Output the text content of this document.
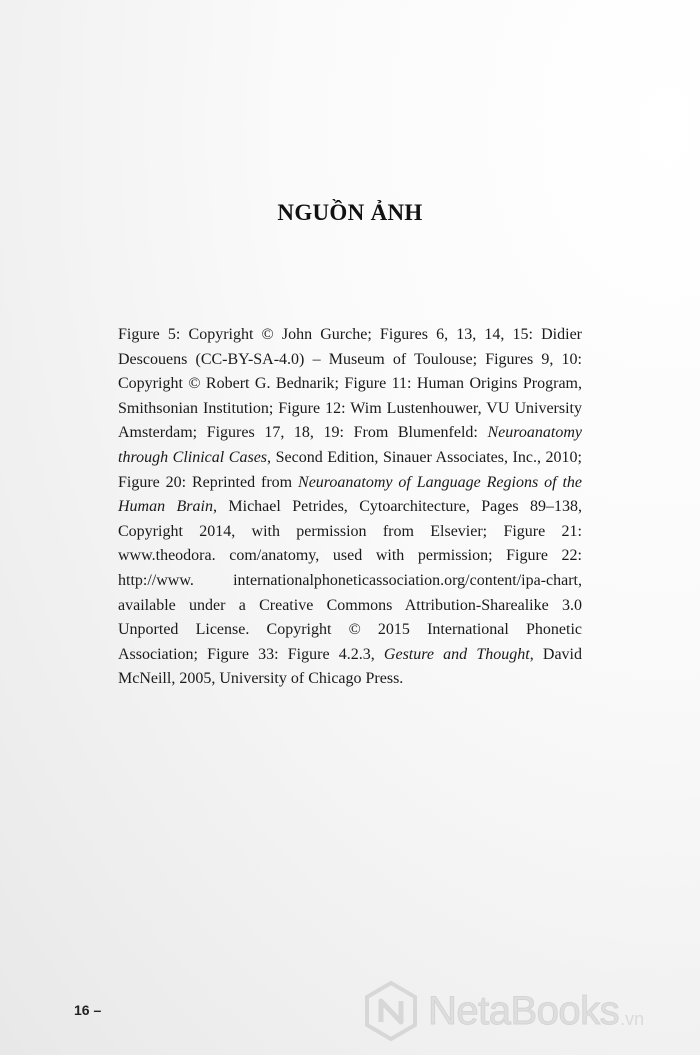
NGUỒN ẢNH

Figure 5: Copyright © John Gurche; Figures 6, 13, 14, 15: Didier Descouens (CC-BY-SA-4.0) – Museum of Toulouse; Figures 9, 10: Copyright © Robert G. Bednarik; Figure 11: Human Origins Program, Smithsonian Institution; Figure 12: Wim Lustenhouwer, VU University Amsterdam; Figures 17, 18, 19: From Blumenfeld: Neuroanatomy through Clinical Cases, Second Edition, Sinauer Associates, Inc., 2010; Figure 20: Reprinted from Neuroanatomy of Language Regions of the Human Brain, Michael Petrides, Cytoarchitecture, Pages 89–138, Copyright 2014, with permission from Elsevier; Figure 21: www.theodora. com/anatomy, used with permission; Figure 22: http://www. internationalphoneticassociation.org/content/ipa-chart, available under a Creative Commons Attribution-Sharealike 3.0 Unported License. Copyright © 2015 International Phonetic Association; Figure 33: Figure 4.2.3, Gesture and Thought, David McNeill, 2005, University of Chicago Press.

16 –	NetaBooks .vn
